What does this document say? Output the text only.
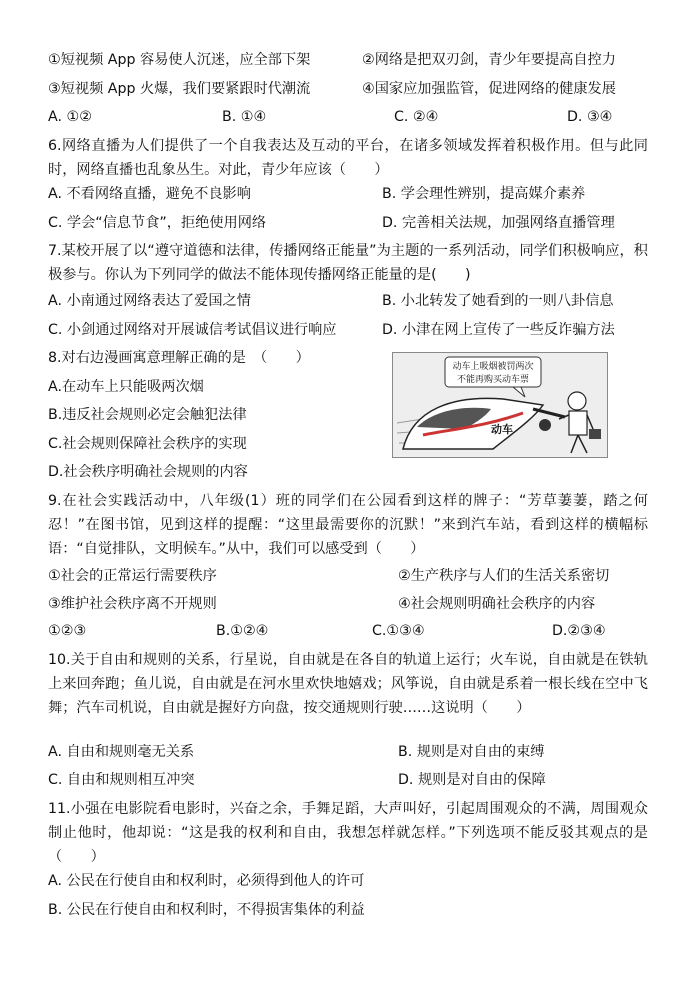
①短视频 App 容易使人沉迷，应全部下架	②网络是把双刃剑，青少年要提高自控力
③短视频 App 火爆，我们要紧跟时代潮流	④国家应加强监管，促进网络的健康发展
A. ①②	B. ①④	C. ②④	D. ③④
6.网络直播为人们提供了一个自我表达及互动的平台，在诸多领域发挥着积极作用。但与此同时，网络直播也乱象丛生。对此，青少年应该（　　）
A. 不看网络直播，避免不良影响	B. 学会理性辨别，提高媒介素养
C. 学会“信息节食”，拒绝使用网络	D. 完善相关法规，加强网络直播管理
7.某校开展了以“遵守道德和法律，传播网络正能量”为主题的一系列活动，同学们积极响应，积极参与。你认为下列同学的做法不能体现传播网络正能量的是(　　)
A. 小南通过网络表达了爱国之情	B. 小北转发了她看到的一则八卦信息
C. 小剑通过网络对开展诚信考试倡议进行响应	D. 小津在网上宣传了一些反诈骗方法
8.对右边漫画寓意理解正确的是　（　　）
A.在动车上只能吸两次烟
B.违反社会规则必定会触犯法律
C.社会规则保障社会秩序的实现
D.社会秩序明确社会规则的内容
动车上吸烟被罚两次
不能再购买动车票
动车
9.在社会实践活动中，八年级(1）班的同学们在公园看到这样的牌子：“芳草萋萋，踏之何忍！”在图书馆，见到这样的提醒：“这里最需要你的沉默！”来到汽车站，看到这样的横幅标语：“自觉排队，文明候车。”从中，我们可以感受到（　　）
①社会的正常运行需要秩序	②生产秩序与人们的生活关系密切
③维护社会秩序离不开规则	④社会规则明确社会秩序的内容
①②③	B.①②④	C.①③④	D.②③④
10.关于自由和规则的关系，行星说，自由就是在各自的轨道上运行；火车说，自由就是在铁轨上来回奔跑；鱼儿说，自由就是在河水里欢快地嬉戏；风筝说，自由就是系着一根长线在空中飞舞；汽车司机说，自由就是握好方向盘，按交通规则行驶……这说明（　　）
A. 自由和规则毫无关系	B. 规则是对自由的束缚
C. 自由和规则相互冲突	D. 规则是对自由的保障
11.小强在电影院看电影时，兴奋之余，手舞足蹈，大声叫好，引起周围观众的不满，周围观众制止他时，他却说：“这是我的权利和自由，我想怎样就怎样。”下列选项不能反驳其观点的是（　　）
A. 公民在行使自由和权利时，必须得到他人的许可
B. 公民在行使自由和权利时，不得损害集体的利益
